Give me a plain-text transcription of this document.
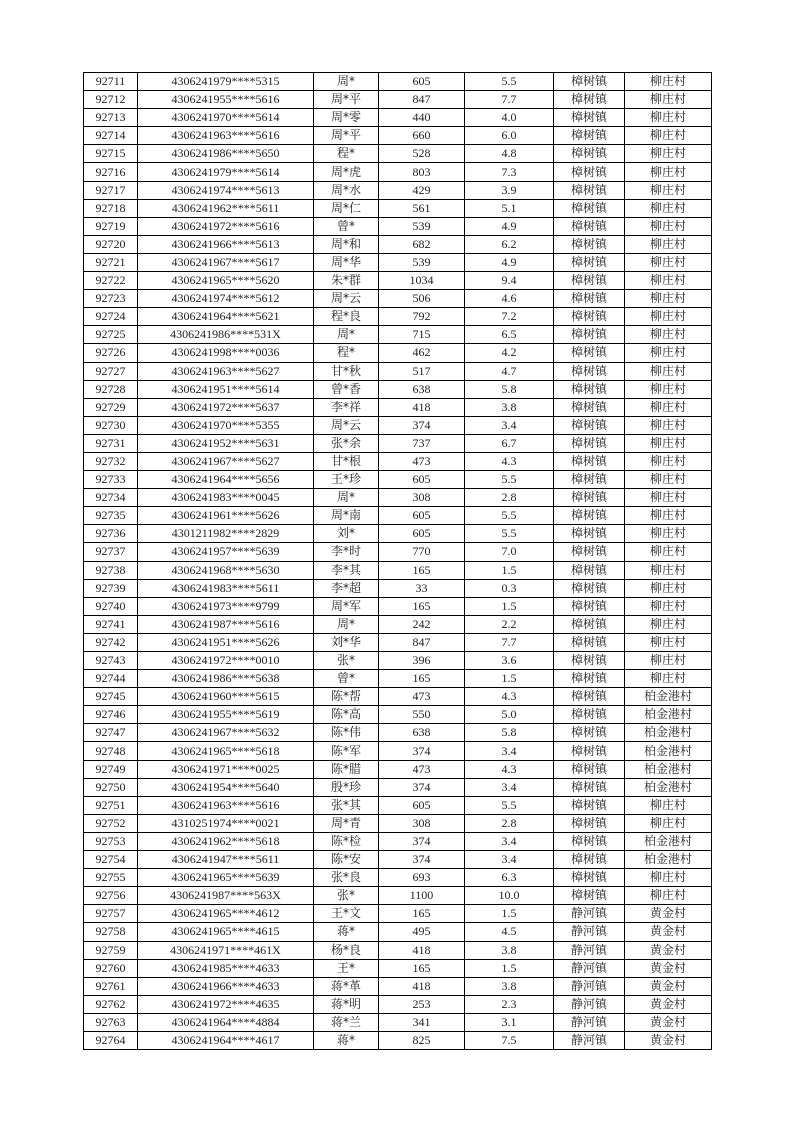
92711	4306241979****5315	周*	605	5.5	樟树镇	柳庄村
92712	4306241955****5616	周*平	847	7.7	樟树镇	柳庄村
92713	4306241970****5614	周*零	440	4.0	樟树镇	柳庄村
92714	4306241963****5616	周*平	660	6.0	樟树镇	柳庄村
92715	4306241986****5650	程*	528	4.8	樟树镇	柳庄村
92716	4306241979****5614	周*虎	803	7.3	樟树镇	柳庄村
92717	4306241974****5613	周*水	429	3.9	樟树镇	柳庄村
92718	4306241962****5611	周*仁	561	5.1	樟树镇	柳庄村
92719	4306241972****5616	曾*	539	4.9	樟树镇	柳庄村
92720	4306241966****5613	周*和	682	6.2	樟树镇	柳庄村
92721	4306241967****5617	周*华	539	4.9	樟树镇	柳庄村
92722	4306241965****5620	朱*群	1034	9.4	樟树镇	柳庄村
92723	4306241974****5612	周*云	506	4.6	樟树镇	柳庄村
92724	4306241964****5621	程*良	792	7.2	樟树镇	柳庄村
92725	4306241986****531X	周*	715	6.5	樟树镇	柳庄村
92726	4306241998****0036	程*	462	4.2	樟树镇	柳庄村
92727	4306241963****5627	甘*秋	517	4.7	樟树镇	柳庄村
92728	4306241951****5614	曾*香	638	5.8	樟树镇	柳庄村
92729	4306241972****5637	李*祥	418	3.8	樟树镇	柳庄村
92730	4306241970****5355	周*云	374	3.4	樟树镇	柳庄村
92731	4306241952****5631	张*余	737	6.7	樟树镇	柳庄村
92732	4306241967****5627	甘*根	473	4.3	樟树镇	柳庄村
92733	4306241964****5656	王*珍	605	5.5	樟树镇	柳庄村
92734	4306241983****0045	周*	308	2.8	樟树镇	柳庄村
92735	4306241961****5626	周*南	605	5.5	樟树镇	柳庄村
92736	4301211982****2829	刘*	605	5.5	樟树镇	柳庄村
92737	4306241957****5639	李*时	770	7.0	樟树镇	柳庄村
92738	4306241968****5630	李*其	165	1.5	樟树镇	柳庄村
92739	4306241983****5611	李*超	33	0.3	樟树镇	柳庄村
92740	4306241973****9799	周*军	165	1.5	樟树镇	柳庄村
92741	4306241987****5616	周*	242	2.2	樟树镇	柳庄村
92742	4306241951****5626	刘*华	847	7.7	樟树镇	柳庄村
92743	4306241972****0010	张*	396	3.6	樟树镇	柳庄村
92744	4306241986****5638	曾*	165	1.5	樟树镇	柳庄村
92745	4306241960****5615	陈*帮	473	4.3	樟树镇	柏金港村
92746	4306241955****5619	陈*高	550	5.0	樟树镇	柏金港村
92747	4306241967****5632	陈*伟	638	5.8	樟树镇	柏金港村
92748	4306241965****5618	陈*军	374	3.4	樟树镇	柏金港村
92749	4306241971****0025	陈*腊	473	4.3	樟树镇	柏金港村
92750	4306241954****5640	殷*珍	374	3.4	樟树镇	柏金港村
92751	4306241963****5616	张*其	605	5.5	樟树镇	柳庄村
92752	4310251974****0021	周*青	308	2.8	樟树镇	柳庄村
92753	4306241962****5618	陈*检	374	3.4	樟树镇	柏金港村
92754	4306241947****5611	陈*安	374	3.4	樟树镇	柏金港村
92755	4306241965****5639	张*良	693	6.3	樟树镇	柳庄村
92756	4306241987****563X	张*	1100	10.0	樟树镇	柳庄村
92757	4306241965****4612	王*文	165	1.5	静河镇	黄金村
92758	4306241965****4615	蒋*	495	4.5	静河镇	黄金村
92759	4306241971****461X	杨*良	418	3.8	静河镇	黄金村
92760	4306241985****4633	王*	165	1.5	静河镇	黄金村
92761	4306241966****4633	蒋*革	418	3.8	静河镇	黄金村
92762	4306241972****4635	蒋*明	253	2.3	静河镇	黄金村
92763	4306241964****4884	蒋*兰	341	3.1	静河镇	黄金村
92764	4306241964****4617	蒋*	825	7.5	静河镇	黄金村
